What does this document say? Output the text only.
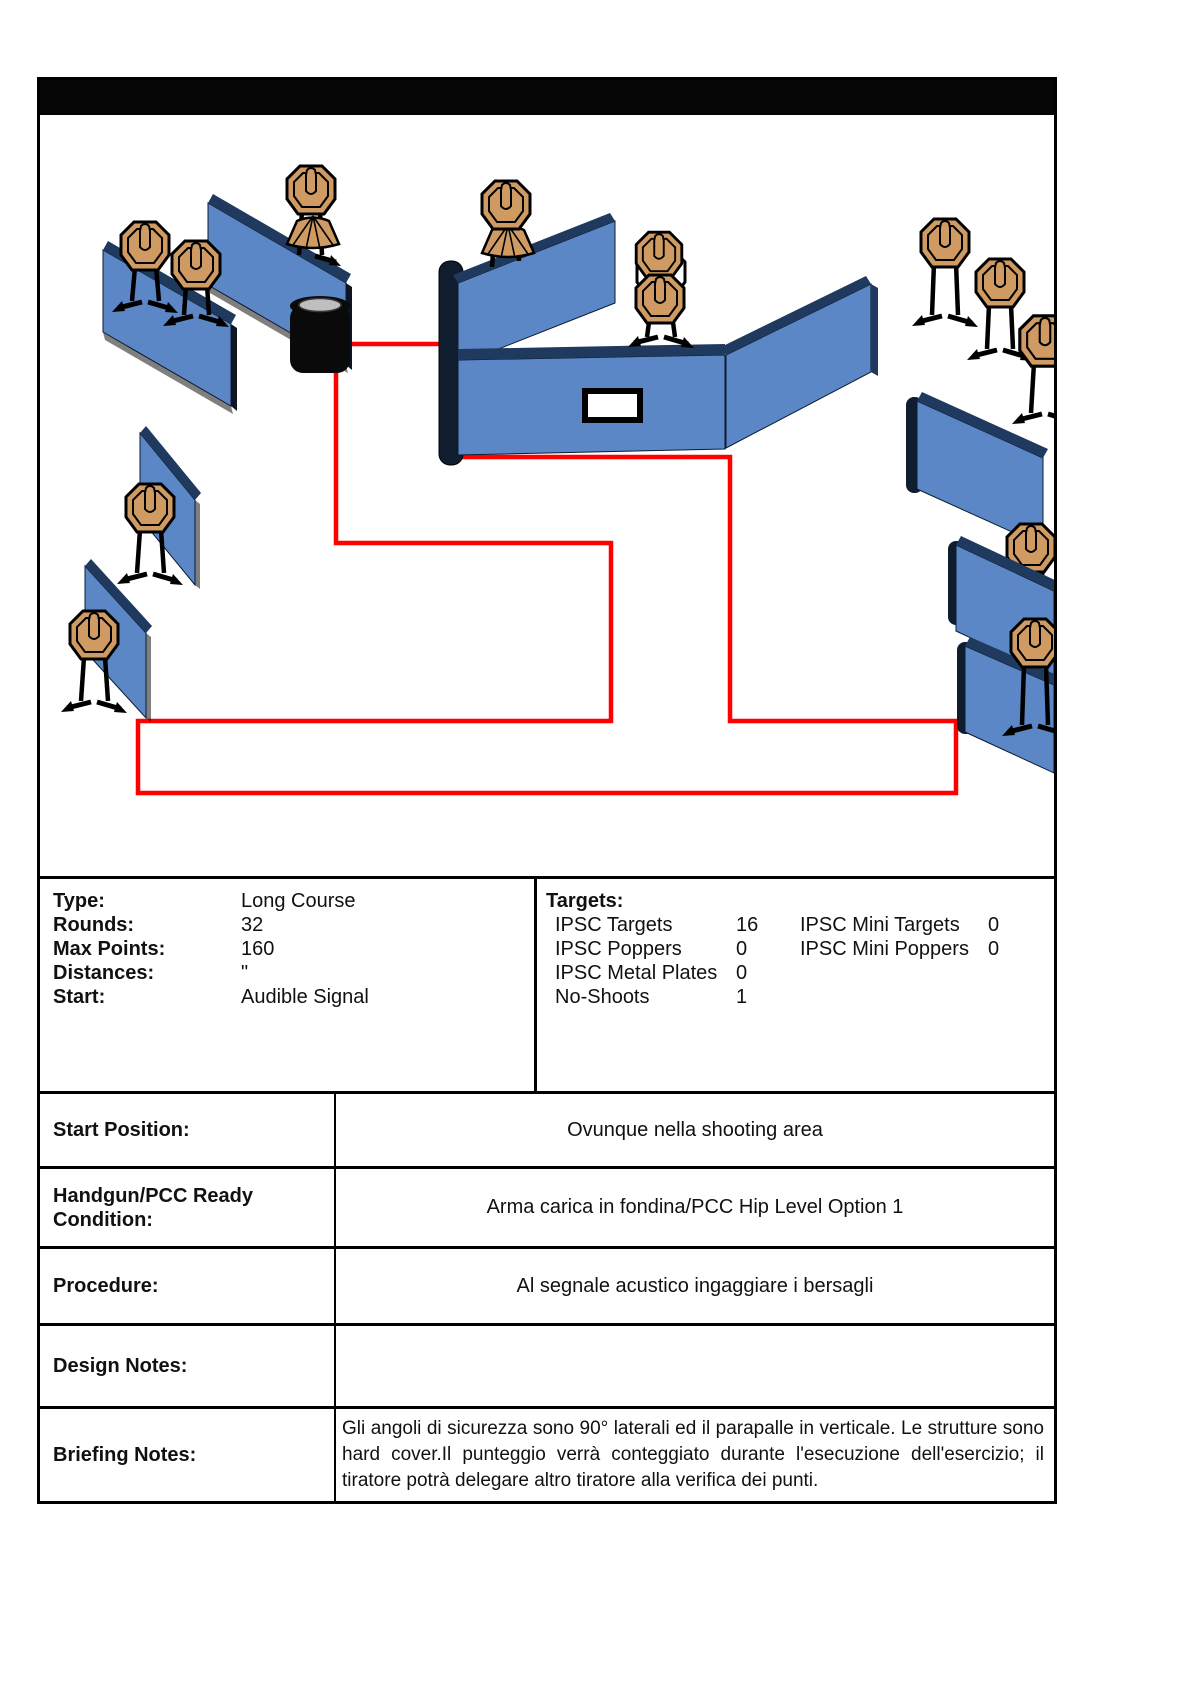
Type:	Long Course
Rounds:	32
Max Points:	160
Distances:	"
Start:	Audible Signal
Targets:
IPSC Targets	16	IPSC Mini Targets	0
IPSC Poppers	0	IPSC Mini Poppers 0
IPSC Metal Plates 0
No-Shoots	1
Start Position:	Ovunque nella shooting area
Handgun/PCC Ready Condition:
Arma carica in fondina/PCC Hip Level Option 1
Procedure:	Al segnale acustico ingaggiare i bersagli
Design Notes:
Briefing Notes:
Gli angoli di sicurezza sono 90° laterali ed il parapalle in verticale. Le strutture sono hard cover.Il punteggio verrà conteggiato durante l'esecuzione dell'esercizio; il tiratore potrà delegare altro tiratore alla verifica dei punti.
